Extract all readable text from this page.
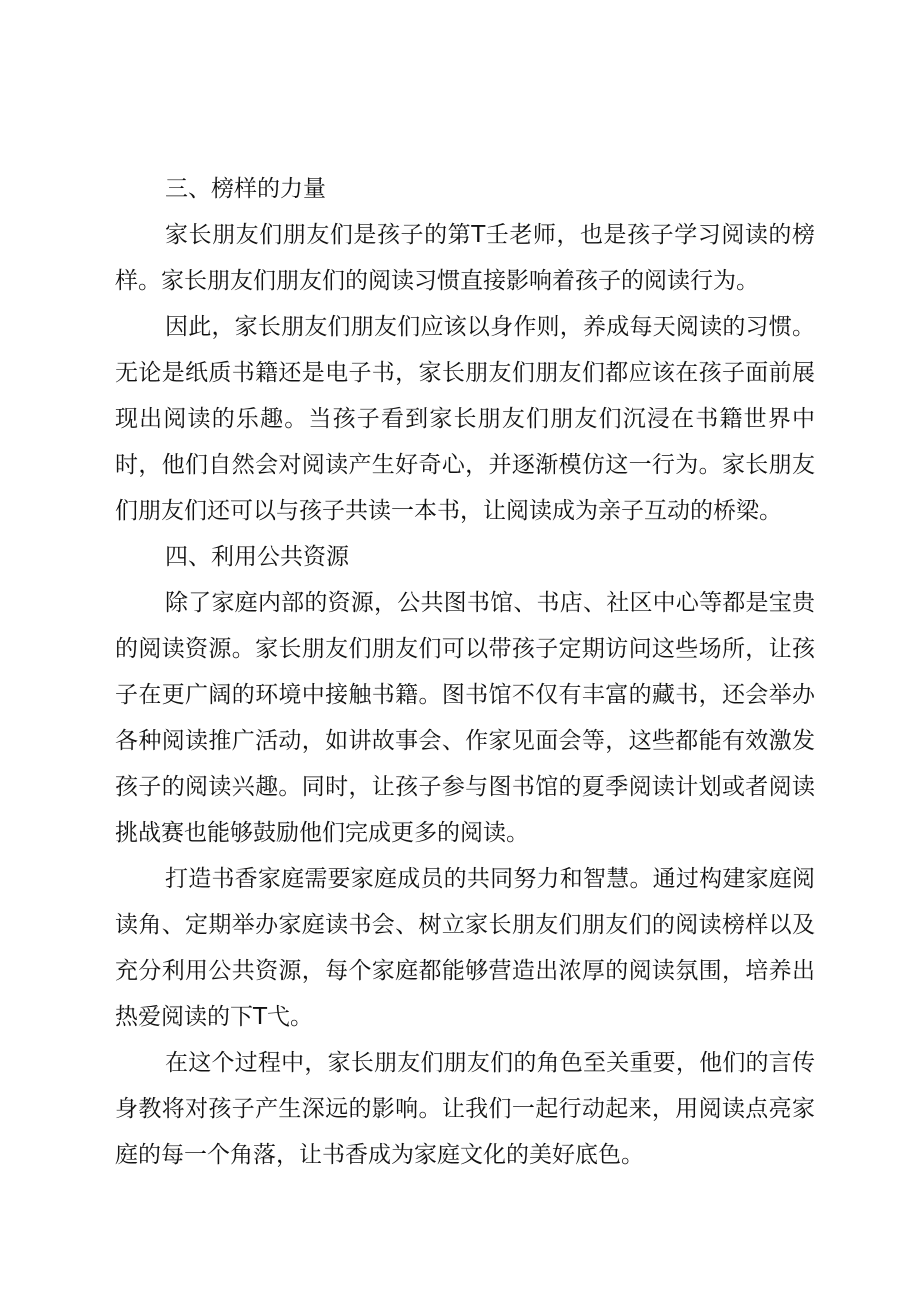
三、榜样的力量

家长朋友们朋友们是孩子的第T壬老师，也是孩子学习阅读的榜样。家长朋友们朋友们的阅读习惯直接影响着孩子的阅读行为。

因此，家长朋友们朋友们应该以身作则，养成每天阅读的习惯。无论是纸质书籍还是电子书，家长朋友们朋友们都应该在孩子面前展现出阅读的乐趣。当孩子看到家长朋友们朋友们沉浸在书籍世界中时，他们自然会对阅读产生好奇心，并逐渐模仿这一行为。家长朋友们朋友们还可以与孩子共读一本书，让阅读成为亲子互动的桥梁。

四、利用公共资源

除了家庭内部的资源，公共图书馆、书店、社区中心等都是宝贵的阅读资源。家长朋友们朋友们可以带孩子定期访问这些场所，让孩子在更广阔的环境中接触书籍。图书馆不仅有丰富的藏书，还会举办各种阅读推广活动，如讲故事会、作家见面会等，这些都能有效激发孩子的阅读兴趣。同时，让孩子参与图书馆的夏季阅读计划或者阅读挑战赛也能够鼓励他们完成更多的阅读。

打造书香家庭需要家庭成员的共同努力和智慧。通过构建家庭阅读角、定期举办家庭读书会、树立家长朋友们朋友们的阅读榜样以及充分利用公共资源，每个家庭都能够营造出浓厚的阅读氛围，培养出热爱阅读的下T弋。

在这个过程中，家长朋友们朋友们的角色至关重要，他们的言传身教将对孩子产生深远的影响。让我们一起行动起来，用阅读点亮家庭的每一个角落，让书香成为家庭文化的美好底色。
